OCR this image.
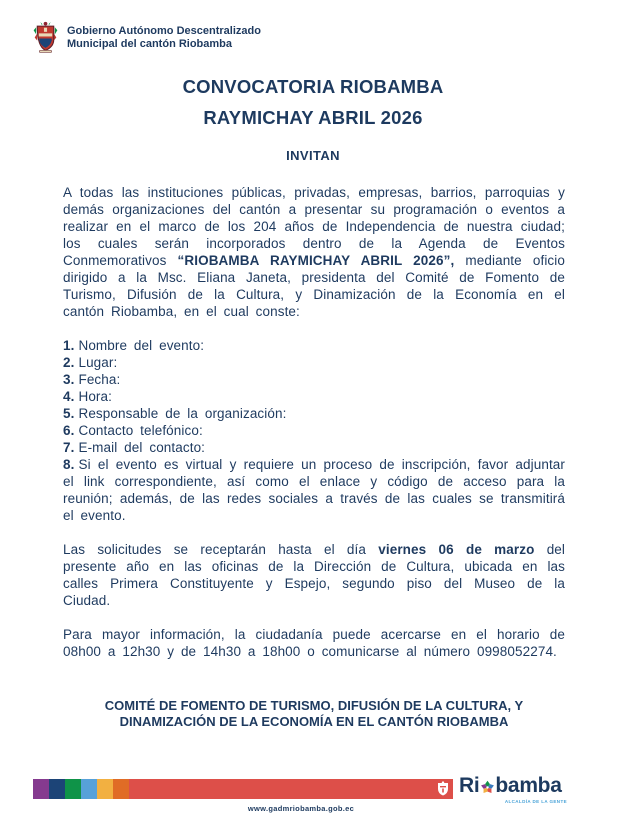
Gobierno Autónomo Descentralizado
Municipal del cantón Riobamba
CONVOCATORIA RIOBAMBA
RAYMICHAY ABRIL 2026
INVITAN
A todas las instituciones públicas, privadas, empresas, barrios, parroquias y demás organizaciones del cantón a presentar su programación o eventos a realizar en el marco de los 204 años de Independencia de nuestra ciudad; los cuales serán incorporados dentro de la Agenda de Eventos Conmemorativos “RIOBAMBA RAYMICHAY ABRIL 2026”, mediante oficio dirigido a la Msc. Eliana Janeta, presidenta del Comité de Fomento de Turismo, Difusión de la Cultura, y Dinamización de la Economía en el cantón Riobamba, en el cual conste:
1. Nombre del evento:
2. Lugar:
3. Fecha:
4. Hora:
5. Responsable de la organización:
6. Contacto telefónico:
7. E-mail del contacto:
8. Si el evento es virtual y requiere un proceso de inscripción, favor adjuntar el link correspondiente, así como el enlace y código de acceso para la reunión; además, de las redes sociales a través de las cuales se transmitirá el evento.
Las solicitudes se receptarán hasta el día viernes 06 de marzo del presente año en las oficinas de la Dirección de Cultura, ubicada en las calles Primera Constituyente y Espejo, segundo piso del Museo de la Ciudad.
Para mayor información, la ciudadanía puede acercarse en el horario de 08h00 a 12h30 y de 14h30 a 18h00 o comunicarse al número 0998052274.
COMITÉ DE FOMENTO DE TURISMO, DIFUSIÓN DE LA CULTURA, Y DINAMIZACIÓN DE LA ECONOMÍA EN EL CANTÓN RIOBAMBA
Ri bamba
ALCALDÍA DE LA GENTE
www.gadmriobamba.gob.ec
